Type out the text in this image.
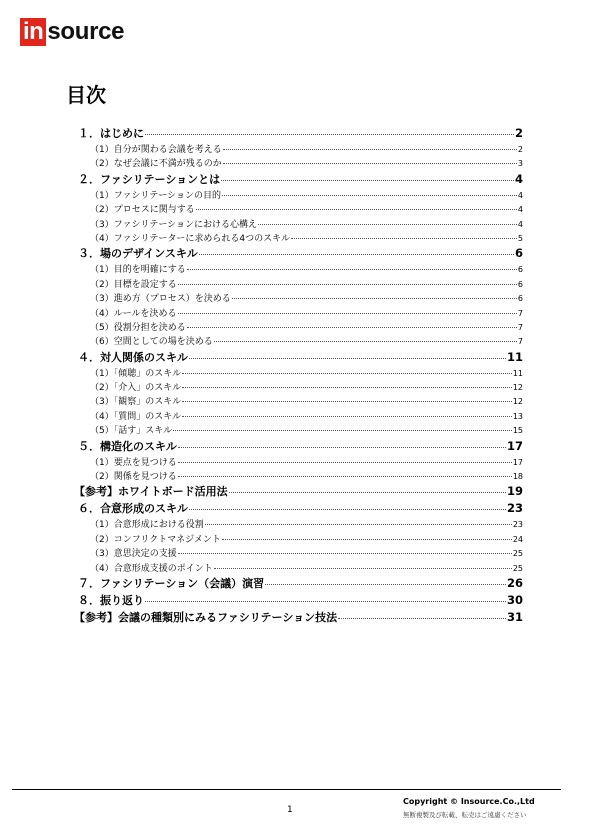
in source
目次
１．はじめに	2
（1）自分が関わる会議を考える	2
（2）なぜ会議に不満が残るのか	3
２．ファシリテーションとは	4
（1）ファシリテーションの目的	4
（2）プロセスに関与する	4
（3）ファシリテーションにおける心構え	4
（4）ファシリテーターに求められる4つのスキル	5
３．場のデザインスキル	6
（1）目的を明確にする	6
（2）目標を設定する	6
（3）進め方（プロセス）を決める	6
（4）ルールを決める	7
（5）役割分担を決める	7
（6）空間としての場を決める	7
４．対人関係のスキル	11
（1）「傾聴」のスキル	11
（2）「介入」のスキル	12
（3）「観察」のスキル	12
（4）「質問」のスキル	13
（5）「話す」スキル	15
５．構造化のスキル	17
（1）要点を見つける	17
（2）関係を見つける	18
【参考】ホワイトボード活用法	19
６．合意形成のスキル	23
（1）合意形成における役割	23
（2）コンフリクトマネジメント	24
（3）意思決定の支援	25
（4）合意形成支援のポイント	25
７．ファシリテーション（会議）演習	26
８．振り返り	30
【参考】会議の種類別にみるファシリテーション技法	31
1
Copyright © Insource.Co.,Ltd
無断複製及び転載、転売はご遠慮ください
